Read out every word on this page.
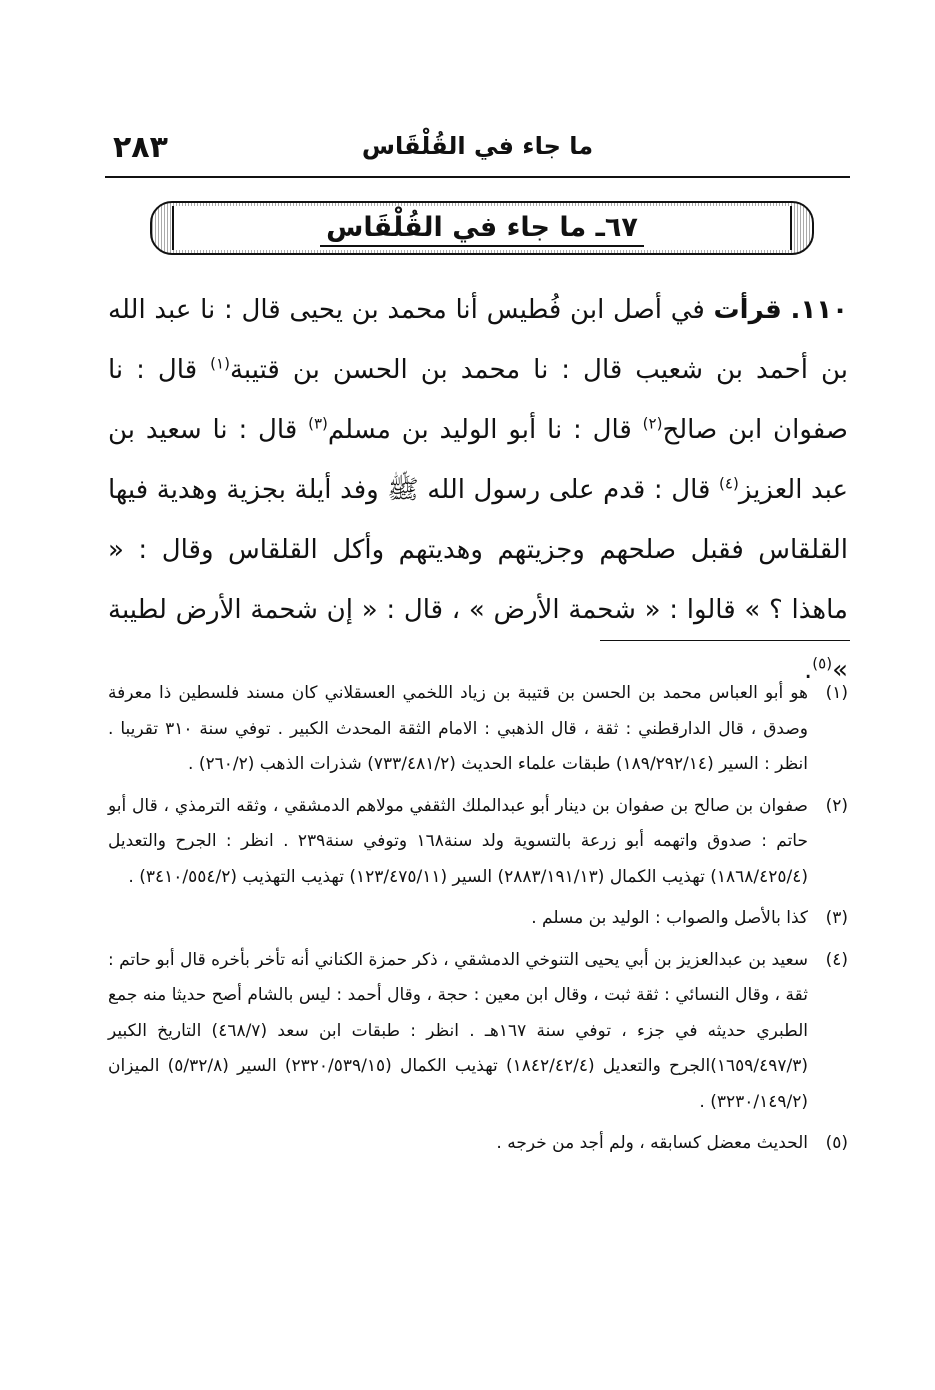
ما جاء في القُلْقَاس
٢٨٣
٦٧ـ ما جاء في القُلْقَاس
١١٠. قرأت في أصل ابن فُطيس أنا محمد بن يحيى قال : نا عبد الله بن أحمد بن شعيب قال : نا محمد بن الحسن بن قتيبة$^{(١)}$ قال : نا صفوان ابن صالح$^{(٢)}$ قال : نا أبو الوليد بن مسلم$^{(٣)}$ قال : نا سعيد بن عبد العزيز$^{(٤)}$ قال : قدم على رسول الله ﷺ وفد أيلة بجزية وهدية فيها القلقاس فقبل صلحهم وجزيتهم وهديتهم وأكل القلقاس وقال : « ماهذا ؟ » قالوا : « شحمة الأرض » ، قال : « إن شحمة الأرض لطيبة »$^{(٥)}$.
(١)
هو أبو العباس محمد بن الحسن بن قتيبة بن زياد اللخمي العسقلاني كان مسند فلسطين ذا معرفة وصدق ، قال الدارقطني : ثقة ، قال الذهبي : الامام الثقة المحدث الكبير . توفي سنة ٣١٠ تقريبا . انظر : السير (١٨٩/٢٩٢/١٤) طبقات علماء الحديث (٧٣٣/٤٨١/٢) شذرات الذهب (٢٦٠/٢) .
(٢)
صفوان بن صالح بن صفوان بن دينار أبو عبدالملك الثقفي مولاهم الدمشقي ، وثقه الترمذي ، قال أبو حاتم : صدوق واتهمه أبو زرعة بالتسوية ولد سنة١٦٨ وتوفي سنة٢٣٩ . انظر : الجرح والتعديل (١٨٦٨/٤٢٥/٤) تهذيب الكمال (٢٨٨٣/١٩١/١٣) السير (١٢٣/٤٧٥/١١) تهذيب التهذيب (٣٤١٠/٥٥٤/٢) .
(٣)
كذا بالأصل والصواب : الوليد بن مسلم .
(٤)
سعيد بن عبدالعزيز بن أبي يحيى التنوخي الدمشقي ، ذكر حمزة الكناني أنه تأخر بأخره قال أبو حاتم : ثقة ، وقال النسائي : ثقة ثبت ، وقال ابن معين : حجة ، وقال أحمد : ليس بالشام أصح حديثا منه جمع الطبري حديثه في جزء ، توفي سنة ١٦٧هـ . انظر : طبقات ابن سعد (٤٦٨/٧) التاريخ الكبير (١٦٥٩/٤٩٧/٣)الجرح والتعديل (١٨٤٢/٤٢/٤) تهذيب الكمال (٢٣٢٠/٥٣٩/١٥) السير (٥/٣٢/٨) الميزان (٣٢٣٠/١٤٩/٢) .
(٥)
الحديث معضل كسابقه ، ولم أجد من خرجه .
